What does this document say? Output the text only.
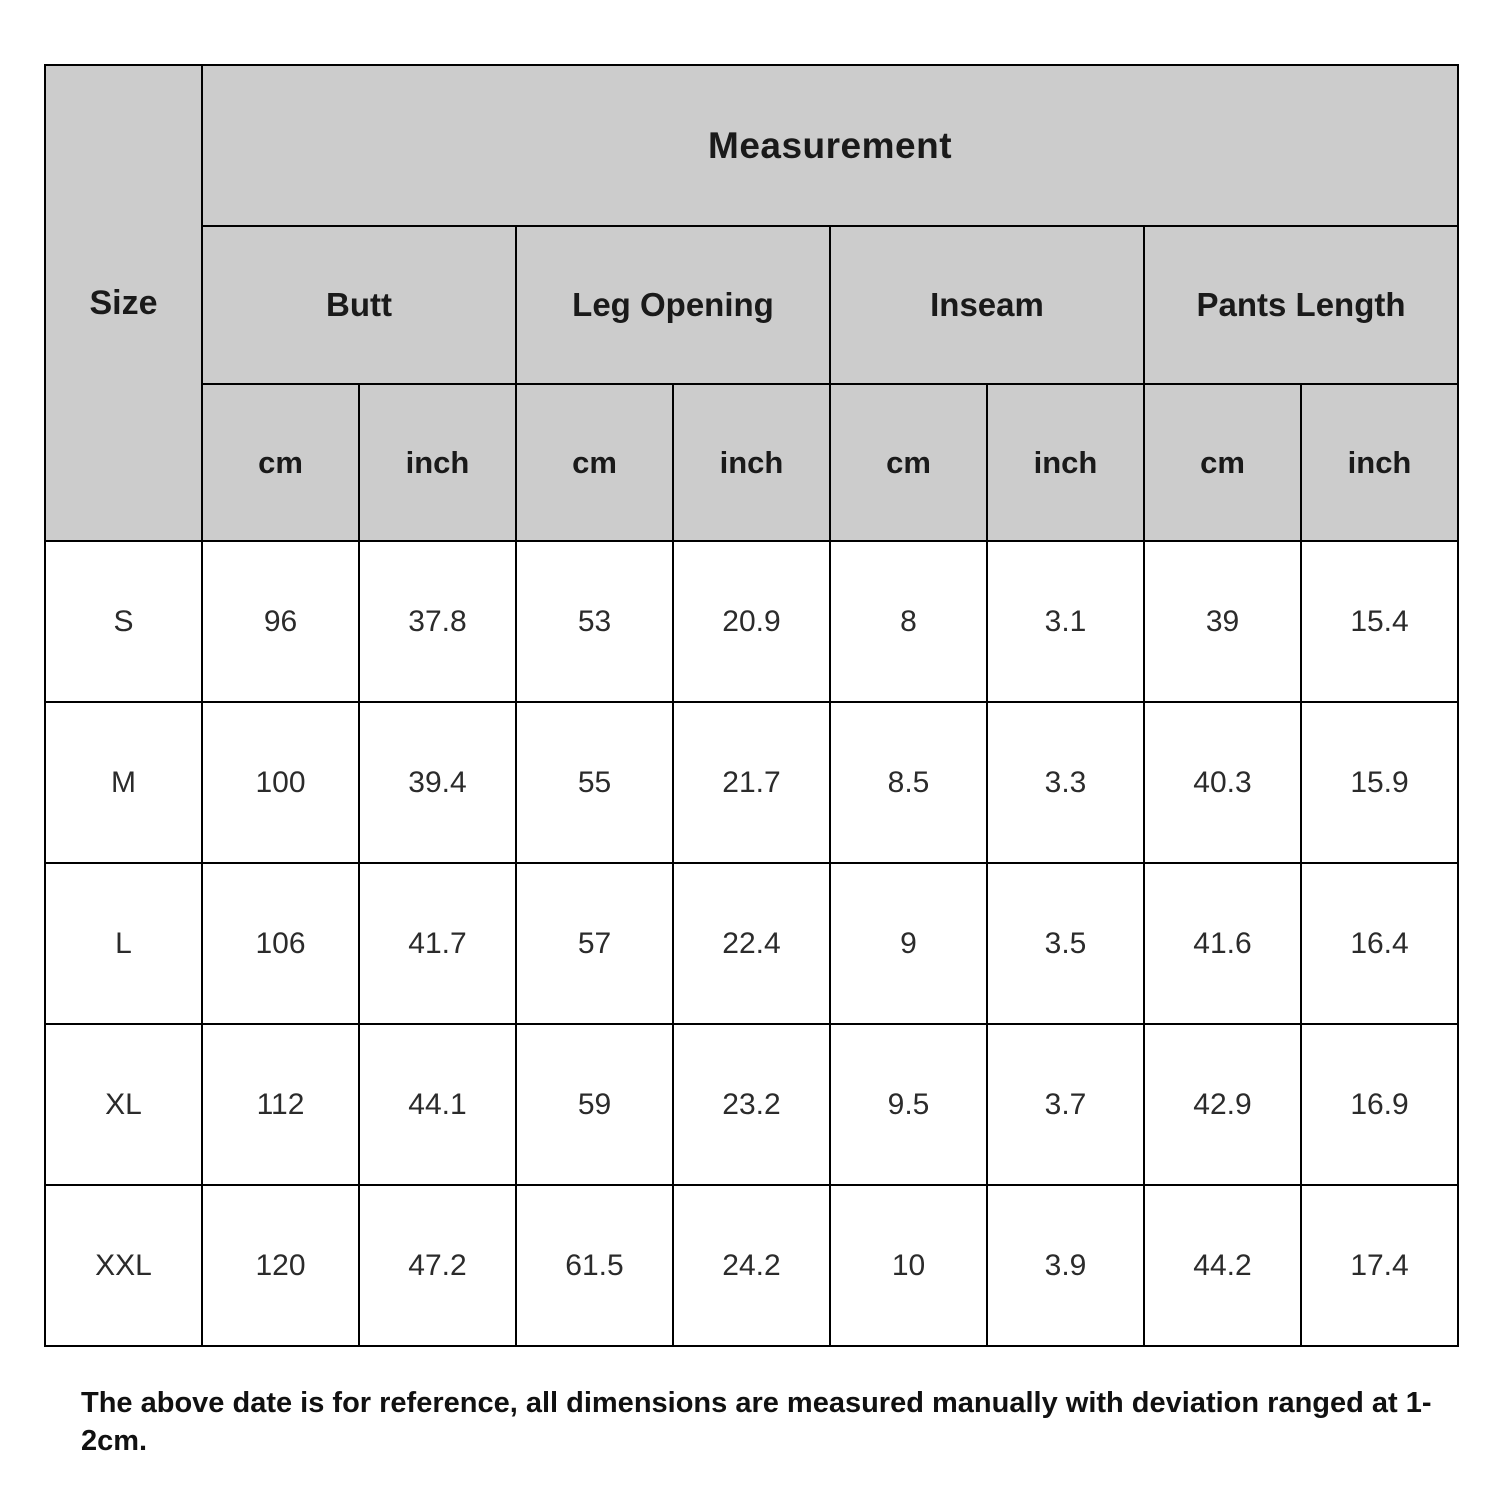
Size	Measurement							
	Butt		Leg Opening		Inseam		Pants Length	
	cm	inch	cm	inch	cm	inch	cm	inch
S	96	37.8	53	20.9	8	3.1	39	15.4
M	100	39.4	55	21.7	8.5	3.3	40.3	15.9
L	106	41.7	57	22.4	9	3.5	41.6	16.4
XL	112	44.1	59	23.2	9.5	3.7	42.9	16.9
XXL	120	47.2	61.5	24.2	10	3.9	44.2	17.4
The above date is for reference, all dimensions are measured manually with deviation ranged at 1-2cm.
